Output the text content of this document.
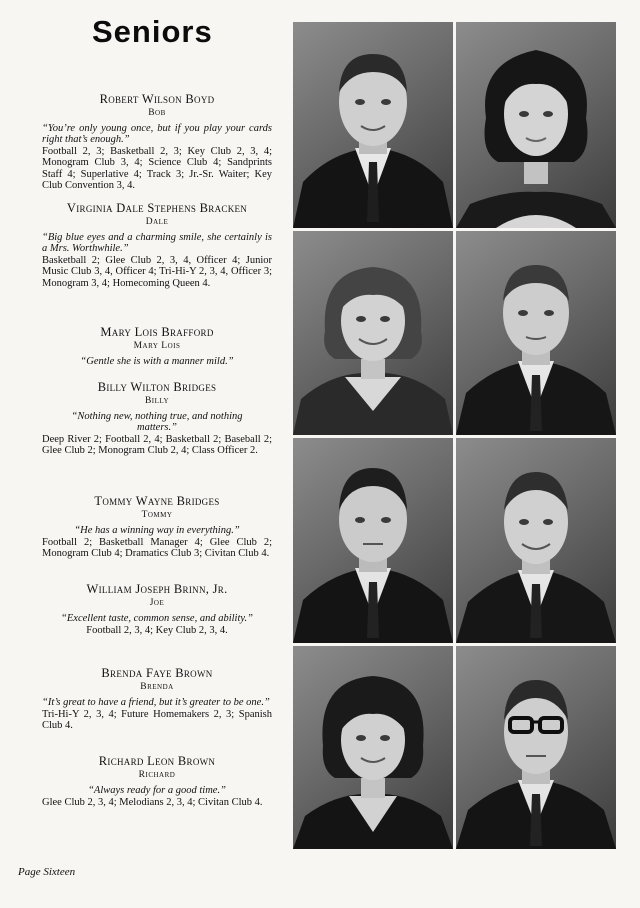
Seniors
Robert Wilson Boyd
Bob
“You’re only young once, but if you play your cards right that’s enough.”
Football 2, 3; Basketball 2, 3; Key Club 2, 3, 4; Monogram Club 3, 4; Science Club 4; Sandprints Staff 4; Superlative 4; Track 3; Jr.-Sr. Waiter; Key Club Convention 3, 4.
Virginia Dale Stephens Bracken
Dale
“Big blue eyes and a charming smile, she certainly is a Mrs. Worthwhile.”
Basketball 2; Glee Club 2, 3, 4, Officer 4; Junior Music Club 3, 4, Officer 4; Tri-Hi-Y 2, 3, 4, Officer 3; Monogram 3, 4; Homecoming Queen 4.
Mary Lois Brafford
Mary Lois
“Gentle she is with a manner mild.”
Billy Wilton Bridges
Billy
“Nothing new, nothing true, and nothing matters.”
Deep River 2; Football 2, 4; Basketball 2; Baseball 2; Glee Club 2; Monogram Club 2, 4; Class Officer 2.
Tommy Wayne Bridges
Tommy
“He has a winning way in everything.”
Football 2; Basketball Manager 4; Glee Club 2; Monogram Club 4; Dramatics Club 3; Civitan Club 4.
William Joseph Brinn, Jr.
Joe
“Excellent taste, common sense, and ability.”
Football 2, 3, 4; Key Club 2, 3, 4.
Brenda Faye Brown
Brenda
“It’s great to have a friend, but it’s greater to be one.”
Tri-Hi-Y 2, 3, 4; Future Homemakers 2, 3; Spanish Club 4.
Richard Leon Brown
Richard
“Always ready for a good time.”
Glee Club 2, 3, 4; Melodians 2, 3, 4; Civitan Club 4.
Page Sixteen
